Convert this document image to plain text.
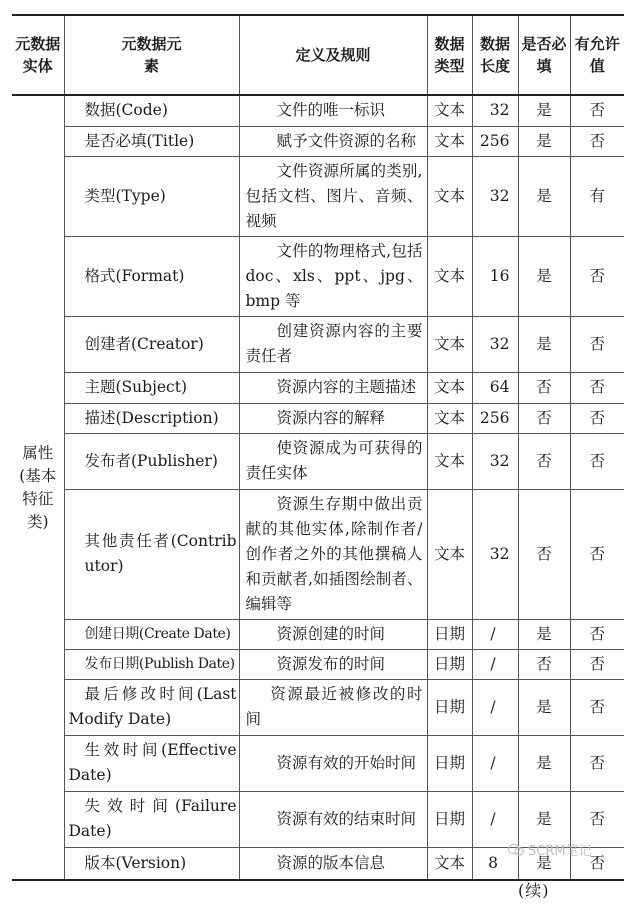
元数据实体	元数据元素	定义及规则	数据类型	数据长度	是否必填	有允许值
属性(基本特征类)	数据(Code)	文件的唯一标识	文本	32	是	否
	是否必填(Title)	赋予文件资源的名称	文本	256	是	否
	类型(Type)	文件资源所属的类别,包括文档、图片、音频、视频	文本	32	是	有
	格式(Format)	文件的物理格式,包括 doc、xls、ppt、jpg、bmp 等	文本	16	是	否
	创建者(Creator)	创建资源内容的主要责任者	文本	32	是	否
	主题(Subject)	资源内容的主题描述	文本	64	否	否
	描述(Description)	资源内容的解释	文本	256	否	否
	发布者(Publisher)	使资源成为可获得的责任实体	文本	32	否	否
	其他责任者(Contributor)	资源生存期中做出贡献的其他实体,除制作者/创作者之外的其他撰稿人和贡献者,如插图绘制者、编辑等	文本	32	否	否
	创建日期(Create Date)	资源创建的时间	日期	/	是	否
	发布日期(Publish Date)	资源发布的时间	日期	/	否	否
	最后修改时间(Last Modify Date)	资源最近被修改的时间	日期	/	是	否
	生效时间(Effective Date)	资源有效的开始时间	日期	/	是	否
	失效时间(Failure Date)	资源有效的结束时间	日期	/	是	否
	版本(Version)	资源的版本信息	文本	8	是	否
SCRM笔记
(续)
